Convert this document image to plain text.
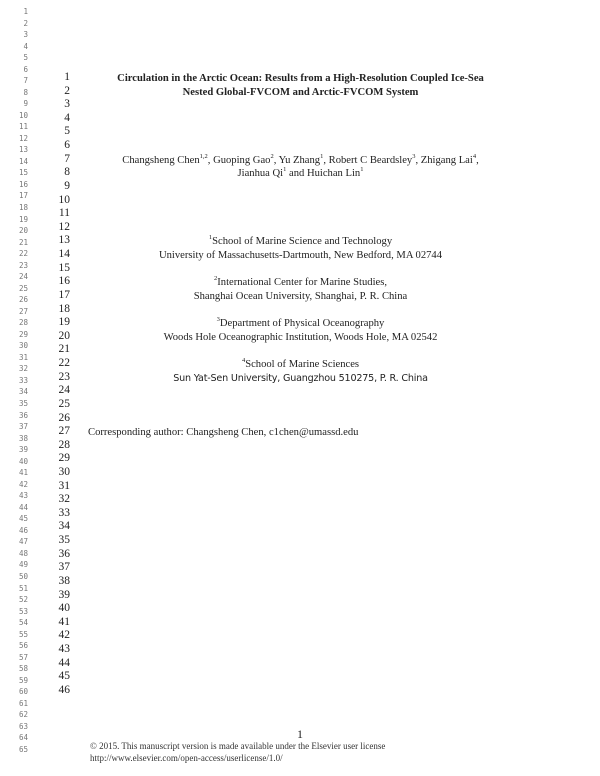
1
2
3
4
5
6
7
8
9
10
11
12
13
14
15
16
17
18
19
20
21
22
23
24
25
26
27
28
29
30
31
32
33
34
35
36
37
38
39
40
41
42
43
44
45
46
47
48
49
50
51
52
53
54
55
56
57
58
59
60
61
62
63
64
65
1
2
3
4
5
6
7
8
9
10
11
12
13
14
15
16
17
18
19
20
21
22
23
24
25
26
27
28
29
30
31
32
33
34
35
36
37
38
39
40
41
42
43
44
45
46
Circulation in the Arctic Ocean: Results from a High-Resolution Coupled Ice-Sea
Nested Global-FVCOM and Arctic-FVCOM System
Changsheng Chen$^{1,2}$, Guoping Gao$^2$, Yu Zhang$^1$, Robert C Beardsley$^3$, Zhigang Lai$^4$,
Jianhua Qi$^1$ and Huichan Lin$^1$
$^1$School of Marine Science and Technology
University of Massachusetts-Dartmouth, New Bedford, MA 02744
$^2$International Center for Marine Studies,
Shanghai Ocean University, Shanghai, P. R. China
$^3$Department of Physical Oceanography
Woods Hole Oceanographic Institution, Woods Hole, MA 02542
$^4$School of Marine Sciences
Sun Yat-Sen University, Guangzhou 510275, P. R. China
Corresponding author: Changsheng Chen, c1chen@umassd.edu
1
© 2015. This manuscript version is made available under the Elsevier user license
http://www.elsevier.com/open-access/userlicense/1.0/
